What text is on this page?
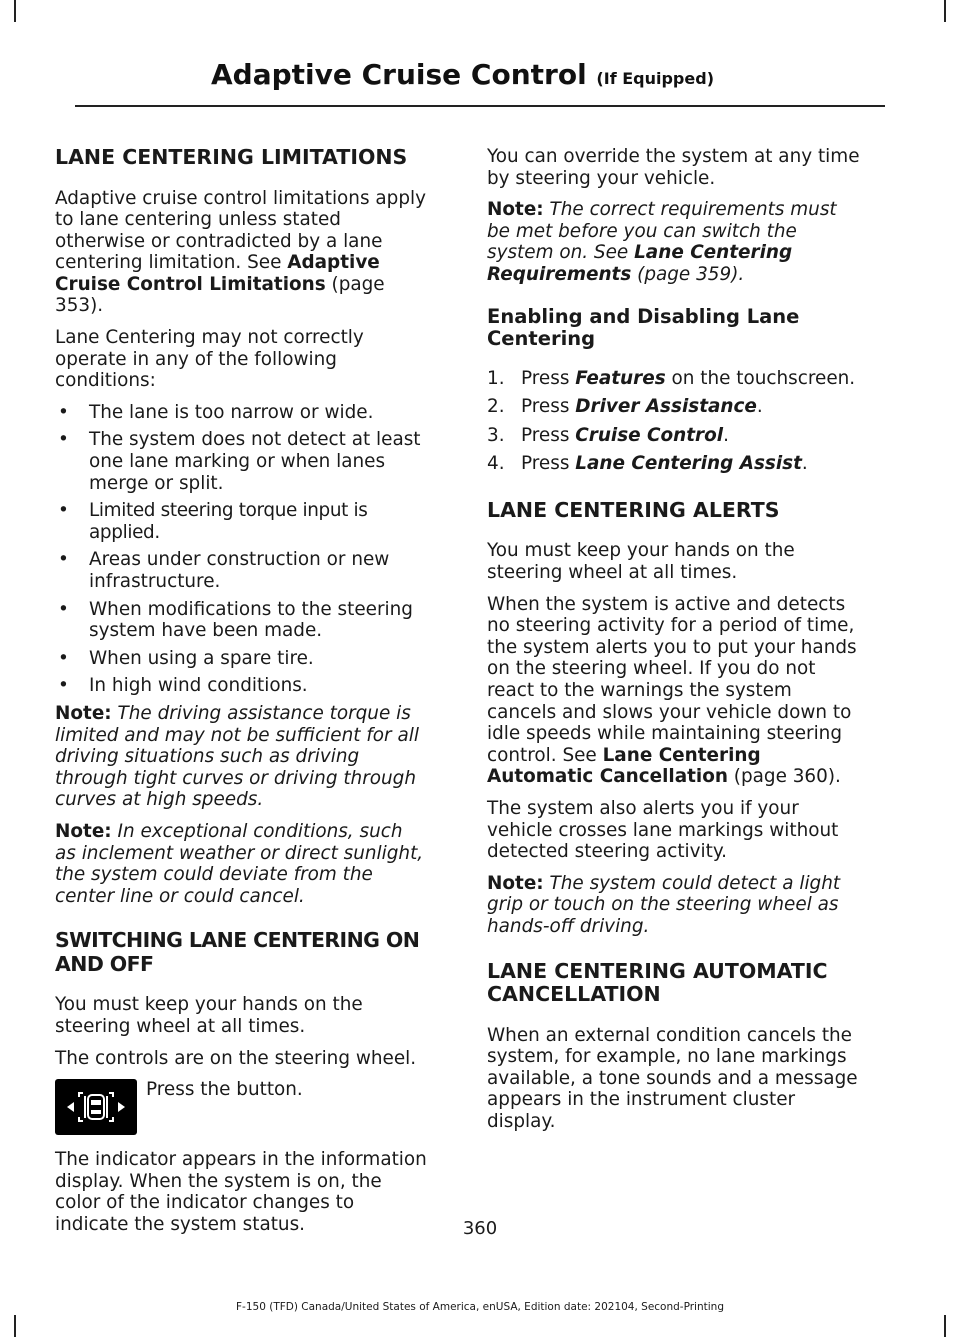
Adaptive Cruise Control (If Equipped)
LANE CENTERING LIMITATIONS

Adaptive cruise control limitations apply to lane centering unless stated otherwise or contradicted by a lane centering limitation. See Adaptive Cruise Control Limitations (page 353).

Lane Centering may not correctly operate in any of the following conditions:

• The lane is too narrow or wide.
• The system does not detect at least one lane marking or when lanes merge or split.
• Limited steering torque input is applied.
• Areas under construction or new infrastructure.
• When modifications to the steering system have been made.
• When using a spare tire.
• In high wind conditions.

Note: The driving assistance torque is limited and may not be sufficient for all driving situations such as driving through tight curves or driving through curves at high speeds.

Note: In exceptional conditions, such as inclement weather or direct sunlight, the system could deviate from the center line or could cancel.

SWITCHING LANE CENTERING ON AND OFF

You must keep your hands on the steering wheel at all times.

The controls are on the steering wheel.

Press the button.

The indicator appears in the information display. When the system is on, the color of the indicator changes to indicate the system status.

You can override the system at any time by steering your vehicle.

Note: The correct requirements must be met before you can switch the system on. See Lane Centering Requirements (page 359).

Enabling and Disabling Lane Centering
1. Press Features on the touchscreen.
2. Press Driver Assistance.
3. Press Cruise Control.
4. Press Lane Centering Assist.
LANE CENTERING ALERTS

You must keep your hands on the steering wheel at all times.

When the system is active and detects no steering activity for a period of time, the system alerts you to put your hands on the steering wheel. If you do not react to the warnings the system cancels and slows your vehicle down to idle speeds while maintaining steering control. See Lane Centering Automatic Cancellation (page 360).

The system also alerts you if your vehicle crosses lane markings without detected steering activity.

Note: The system could detect a light grip or touch on the steering wheel as hands-off driving.

LANE CENTERING AUTOMATIC CANCELLATION

When an external condition cancels the system, for example, no lane markings available, a tone sounds and a message appears in the instrument cluster display.

360
F-150 (TFD) Canada/United States of America, enUSA, Edition date: 202104, Second-Printing
